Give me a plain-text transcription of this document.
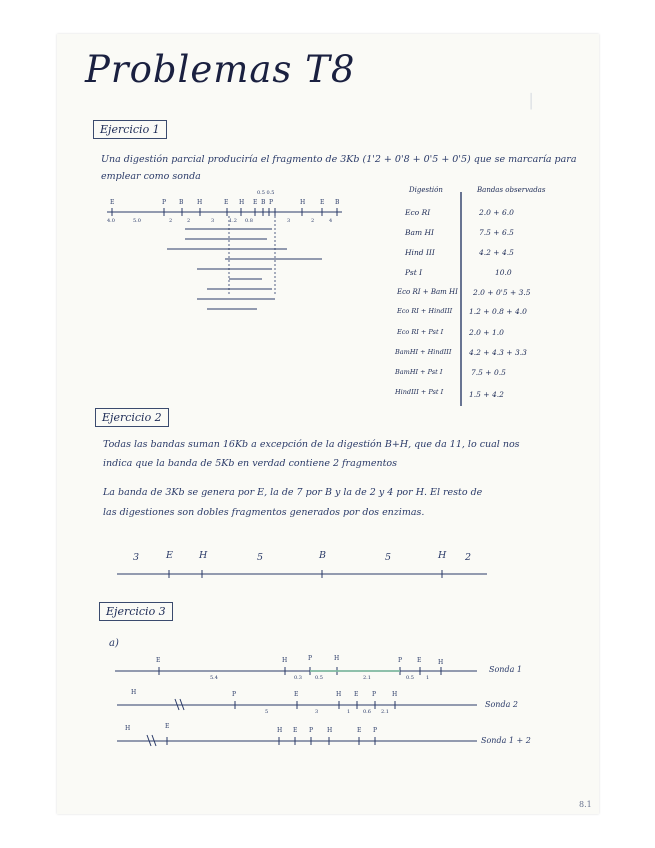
Problemas T8
│
Ejercicio 1
Una digestión parcial produciría el fragmento de 3Kb (1'2 + 0'8 + 0'5 + 0'5) que se marcaría para
emplear como sonda
0.5 0.5
E	P B H	E H E B P	H E B
4.0	5.0	2	2	3	1.2 0.8	3	2	4
Digestión	Bandas observadas
Eco RI	2.0 + 6.0
Bam HI	7.5 + 6.5
Hind III	4.2 + 4.5
Pst I	10.0
Eco RI + Bam HI 2.0 + 0'5 + 3.5
Eco RI + HindIII 1.2 + 0.8 + 4.0
Eco RI + Pst I	2.0 + 1.0
BamHI + HindIII 4.2 + 4.3 + 3.3
BamHI + Pst I	7.5 + 0.5
HindIII + Pst I	1.5 + 4.2
Ejercicio 2
Todas las bandas suman 16Kb a excepción de la digestión B+H, que da 11, lo cual nos
indica que la banda de 5Kb en verdad contiene 2 fragmentos
La banda de 3Kb se genera por E, la de 7 por B y la de 2 y 4 por H. El resto de
las digestiones son dobles fragmentos generados por dos enzimas.
3	E	H	5	B	5	H 2
Ejercicio 3
a)
E	H	P	H	P E	H
5.4	0.3	0.5	2.1	0.5 1
Sonda 1
H	P	E	H E P	H
5	3	1	0.6 2.1
Sonda 2
H	E
H E P H	E P
Sonda 1 + 2
8.1
